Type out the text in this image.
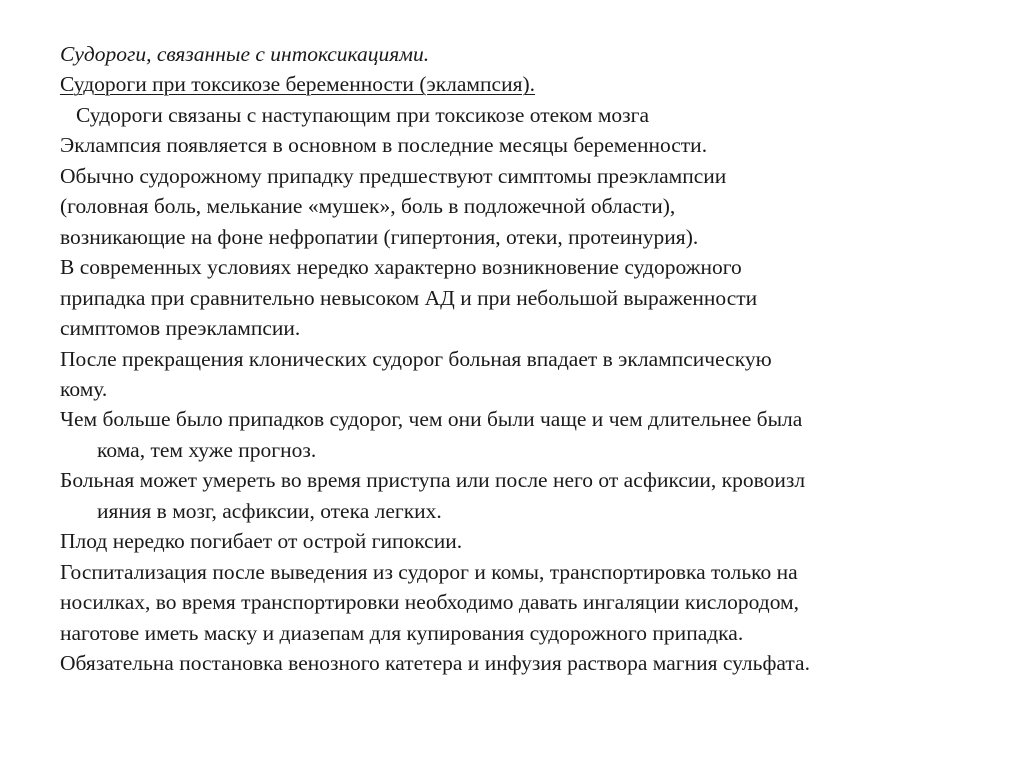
Судороги, связанные с интоксикациями.
Судороги при токсикозе беременности (эклампсия).
Судороги связаны с наступающим при токсикозе отеком мозга
Эклампсия появляется в основном в последние месяцы беременности.
Обычно судорожному припадку предшествуют симптомы преэклампсии
(головная боль, мелькание «мушек», боль в подложечной области),
возникающие на фоне нефропатии (гипертония, отеки, протеинурия).
В современных условиях нередко характерно возникновение судорожного
припадка при сравнительно невысоком АД и при небольшой выраженности
симптомов преэклампсии.
После прекращения клонических судорог больная впадает в эклампсическую
кому.
Чем больше было припадков судорог, чем они были чаще и чем длительнее была
кома, тем хуже прогноз.
Больная может умереть во время приступа или после него от асфиксии, кровоизл
ияния в мозг, асфиксии, отека легких.
Плод нередко погибает от острой гипоксии.
Госпитализация после выведения из судорог и комы, транспортировка только на
носилках, во время транспортировки необходимо давать ингаляции кислородом,
наготове иметь маску и диазепам для купирования судорожного припадка.
Обязательна постановка венозного катетера и инфузия раствора магния сульфата.
